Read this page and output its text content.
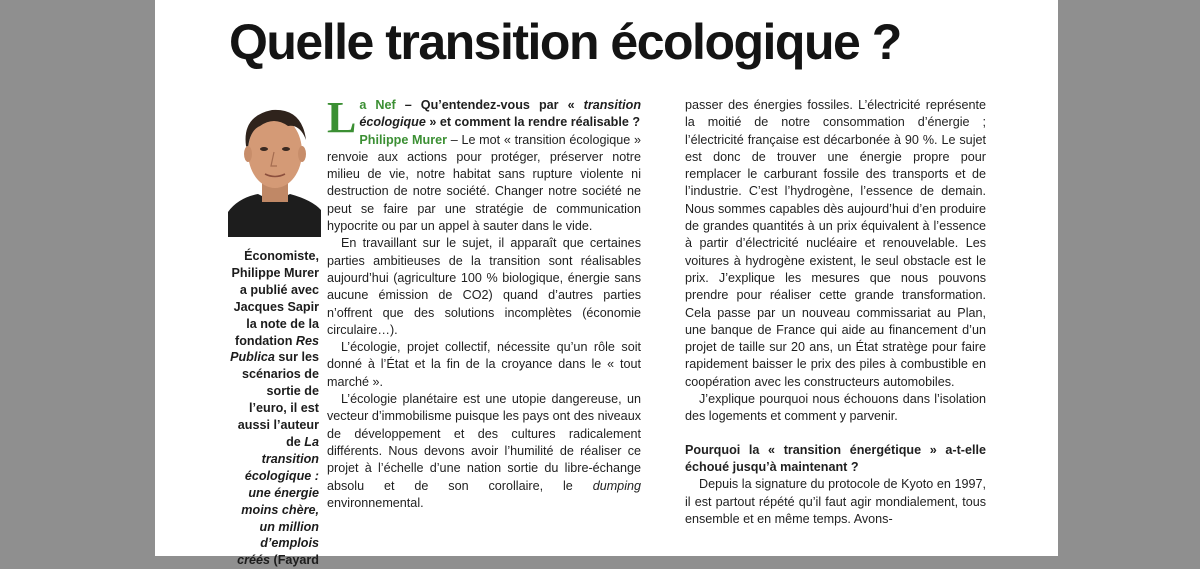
Quelle transition écologique ?

Économiste, Philippe Murer a publié avec Jacques Sapir la note de la fondation Res Publica sur les scénarios de sortie de l’euro, il est aussi l’auteur de La transition écologique : une énergie moins chère, un million d’emplois créés (Fayard

La Nef – Qu’entendez-vous par « transition écologique » et comment la rendre réalisable ?

Philippe Murer – Le mot « transition écologique » renvoie aux actions pour protéger, préserver notre milieu de vie, notre habitat sans rupture violente ni destruction de notre société. Changer notre société ne peut se faire par une stratégie de communication hypocrite ou par un appel à sauter dans le vide.

En travaillant sur le sujet, il apparaît que certaines parties ambitieuses de la transition sont réalisables aujourd’hui (agriculture 100 % biologique, énergie sans aucune émission de CO2) quand d’autres parties n’offrent que des solutions incomplètes (économie circulaire…).

L’écologie, projet collectif, nécessite qu’un rôle soit donné à l’État et la fin de la croyance dans le « tout marché ».

L’écologie planétaire est une utopie dangereuse, un vecteur d’immobilisme puisque les pays ont des niveaux de développement et des cultures radicalement différents. Nous devons avoir l’humilité de réaliser ce projet à l’échelle d’une nation sortie du libre-échange absolu et de son corollaire, le dumping environnemental.

passer des énergies fossiles. L’électricité représente la moitié de notre consommation d’énergie ; l’électricité française est décarbonée à 90 %. Le sujet est donc de trouver une énergie propre pour remplacer le carburant fossile des transports et de l’industrie. C’est l’hydrogène, l’essence de demain. Nous sommes capables dès aujourd’hui d’en produire de grandes quantités à un prix équivalent à l’essence à partir d’électricité nucléaire et renouvelable. Les voitures à hydrogène existent, le seul obstacle est le prix. J’explique les mesures que nous pouvons prendre pour réaliser cette grande transformation. Cela passe par un nouveau commissariat au Plan, une banque de France qui aide au financement d’un projet de taille sur 20 ans, un État stratège pour faire rapidement baisser le prix des piles à combustible en coopération avec les constructeurs automobiles.

J’explique pourquoi nous échouons dans l’isolation des logements et comment y parvenir.

Pourquoi la « transition énergétique » a-t-elle échoué jusqu’à maintenant ?

Depuis la signature du protocole de Kyoto en 1997, il est partout répété qu’il faut agir mondialement, tous ensemble et en même temps. Avons-
